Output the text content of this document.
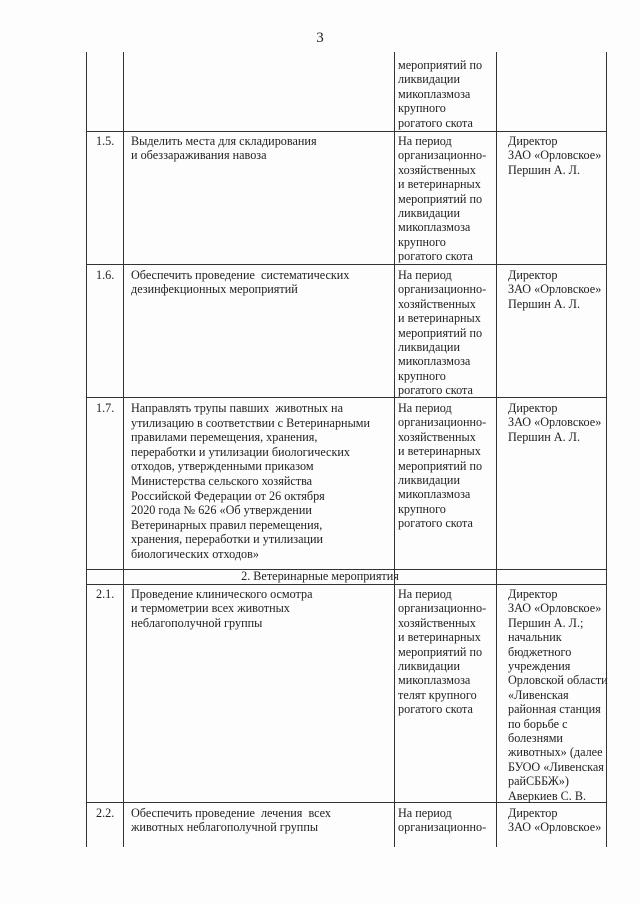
3
мероприятий по
ликвидации
микоплазмоза
крупного
рогатого скота
1.5. Выделить места для складирования
и обеззараживания навоза
На период
организационно-
хозяйственных
и ветеринарных
мероприятий по
ликвидации
микоплазмоза
крупного
рогатого скота
Директор
ЗАО «Орловское»
Першин А. Л.
1.6. Обеспечить проведение  систематических
дезинфекционных мероприятий
На период
организационно-
хозяйственных
и ветеринарных
мероприятий по
ликвидации
микоплазмоза
крупного
рогатого скота
Директор
ЗАО «Орловское»
Першин А. Л.
1.7. Направлять трупы павших  животных на
утилизацию в соответствии с Ветеринарными
правилами перемещения, хранения,
переработки и утилизации биологических
отходов, утвержденными приказом
Министерства сельского хозяйства
Российской Федерации от 26 октября
2020 года № 626 «Об утверждении
Ветеринарных правил перемещения,
хранения, переработки и утилизации
биологических отходов»
На период
организационно-
хозяйственных
и ветеринарных
мероприятий по
ликвидации
микоплазмоза
крупного
рогатого скота
Директор
ЗАО «Орловское»
Першин А. Л.
2. Ветеринарные мероприятия
2.1. Проведение клинического осмотра
и термометрии всех животных
неблагополучной группы
На период
организационно-
хозяйственных
и ветеринарных
мероприятий по
ликвидации
микоплазмоза
телят крупного
рогатого скота
Директор
ЗАО «Орловское»
Першин А. Л.;
начальник
бюджетного
учреждения
Орловской области
«Ливенская
районная станция
по борьбе с
болезнями
животных» (далее
БУОО «Ливенская
райСББЖ»)
Аверкиев С. В.
2.2. Обеспечить проведение  лечения  всех
животных неблагополучной группы
На период
организационно-
Директор
ЗАО «Орловское»
